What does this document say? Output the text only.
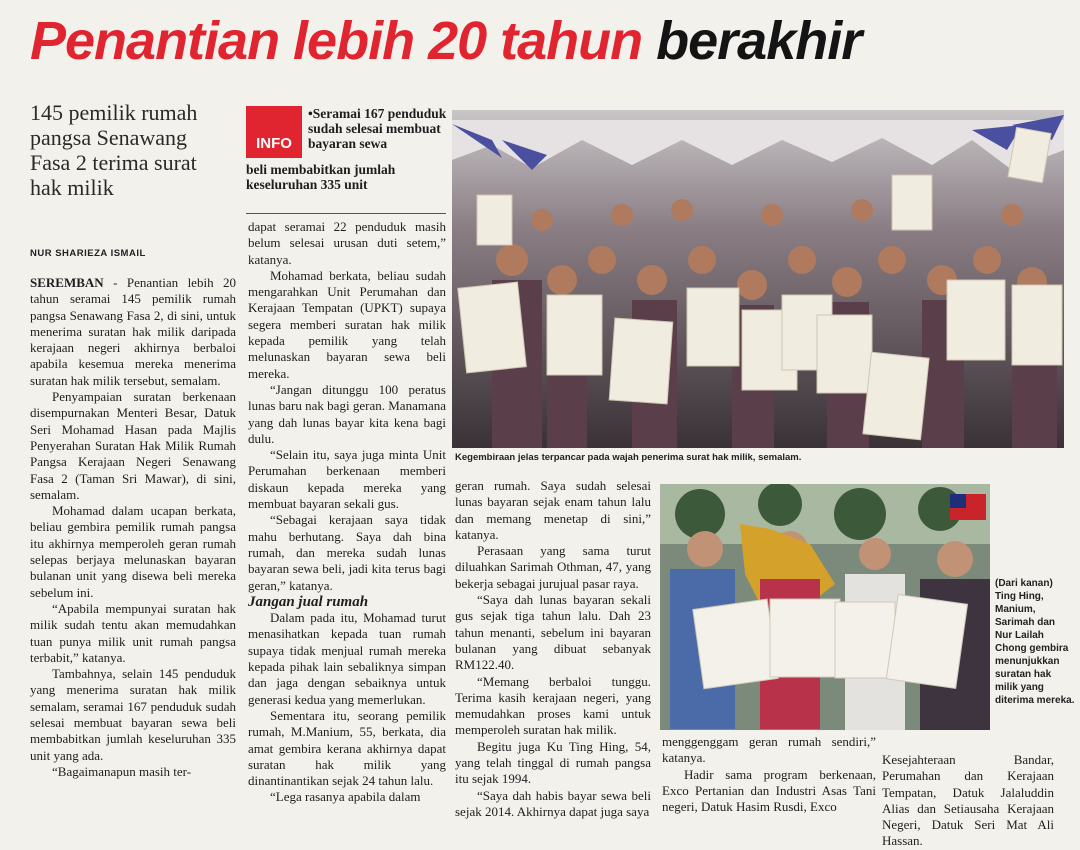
Penantian lebih 20 tahun berakhir
145 pemilik rumah pangsa Senawang Fasa 2 terima surat hak milik
NUR SHARIEZA ISMAIL
INFO
•Seramai 167 penduduk sudah selesai membuat bayaran sewa
beli membabitkan jumlah keseluruhan 335 unit

SEREMBAN - Penantian lebih 20 tahun seramai 145 pemilik rumah pangsa Senawang Fasa 2, di sini, untuk menerima suratan hak milik daripada kerajaan negeri akhirnya berbaloi apabila kesemua mereka menerima suratan hak milik tersebut, semalam.

Penyampaian suratan berkenaan disempurnakan Menteri Besar, Datuk Seri Mohamad Hasan pada Majlis Penyerahan Suratan Hak Milik Rumah Pangsa Kerajaan Negeri Senawang Fasa 2 (Taman Sri Mawar), di sini, semalam.

Mohamad dalam ucapan berkata, beliau gembira pemilik rumah pangsa itu akhirnya memperoleh geran rumah selepas berjaya melunaskan bayaran bulanan unit yang disewa beli mereka sebelum ini.

“Apabila mempunyai suratan hak milik sudah tentu akan memudahkan tuan punya milik unit rumah pangsa terbabit,” katanya.

Tambahnya, selain 145 penduduk yang menerima suratan hak milik semalam, seramai 167 penduduk sudah selesai membuat bayaran sewa beli membabitkan jumlah keseluruhan 335 unit yang ada.

“Bagaimanapun masih ter-

dapat seramai 22 penduduk masih belum selesai urusan duti setem,” katanya.

Mohamad berkata, beliau sudah mengarahkan Unit Perumahan dan Kerajaan Tempatan (UPKT) supaya segera memberi suratan hak milik kepada pemilik yang telah melunaskan bayaran sewa beli mereka.

“Jangan ditunggu 100 peratus lunas baru nak bagi geran. Manamana yang dah lunas bayar kita kena bagi dulu.

“Selain itu, saya juga minta Unit Perumahan berkenaan memberi diskaun kepada mereka yang membuat bayaran sekali gus.

“Sebagai kerajaan saya tidak mahu berhutang. Saya dah bina rumah, dan mereka sudah lunas bayaran sewa beli, jadi kita terus bagi geran,” katanya.

Jangan jual rumah

Dalam pada itu, Mohamad turut menasihatkan kepada tuan rumah supaya tidak menjual rumah mereka kepada pihak lain sebaliknya simpan dan jaga dengan sebaiknya untuk generasi kedua yang memerlukan.

Sementara itu, seorang pemilik rumah, M.Manium, 55, berkata, dia amat gembira kerana akhirnya dapat suratan hak milik yang dinantinantikan sejak 24 tahun lalu.

“Lega rasanya apabila dalam

Kegembiraan jelas terpancar pada wajah penerima surat hak milik, semalam.

geran rumah. Saya sudah selesai lunas bayaran sejak enam tahun lalu dan memang menetap di sini,” katanya.

Perasaan yang sama turut diluahkan Sarimah Othman, 47, yang bekerja sebagai jurujual pasar raya.

“Saya dah lunas bayaran sekali gus sejak tiga tahun lalu. Dah 23 tahun menanti, sebelum ini bayaran bulanan yang dibuat sebanyak RM122.40.

“Memang berbaloi tunggu. Terima kasih kerajaan negeri, yang memudahkan proses kami untuk memperoleh suratan hak milik.

Begitu juga Ku Ting Hing, 54, yang telah tinggal di rumah pangsa itu sejak 1994.

“Saya dah habis bayar sewa beli sejak 2014. Akhirnya dapat juga saya

(Dari kanan) Ting Hing, Manium, Sarimah dan Nur Lailah Chong gembira menunjukkan suratan hak milik yang diterima mereka.

menggenggam geran rumah sendiri,” katanya.

Hadir sama program berkenaan, Exco Pertanian dan Industri Asas Tani negeri, Datuk Hasim Rusdi, Exco

Kesejahteraan Bandar, Perumahan dan Kerajaan Tempatan, Datuk Jalaluddin Alias dan Setiausaha Kerajaan Negeri, Datuk Seri Mat Ali Hassan.
